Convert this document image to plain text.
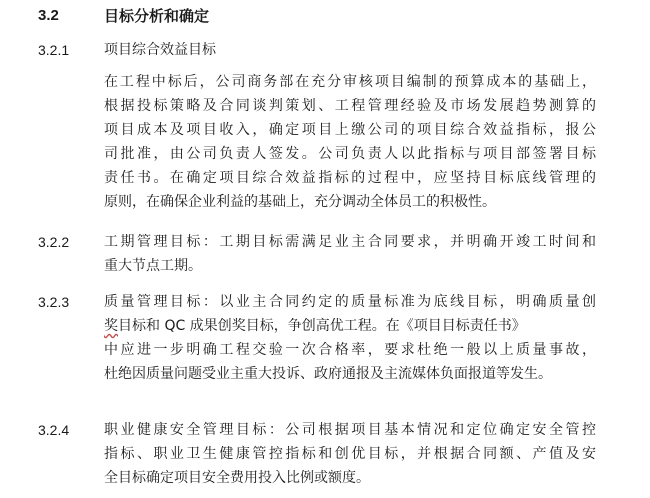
3.2	目标分析和确定
3.2.1 项目综合效益目标
在工程中标后，公司商务部在充分审核项目编制的预算成本的基础上，
根据投标策略及合同谈判策划、工程管理经验及市场发展趋势测算的
项目成本及项目收入，确定项目上缴公司的项目综合效益指标，报公
司批准，由公司负责人签发。公司负责人以此指标与项目部签署目标
责任书。在确定项目综合效益指标的过程中，应坚持目标底线管理的
原则，在确保企业利益的基础上，充分调动全体员工的积极性。
3.2.2 工期管理目标：工期目标需满足业主合同要求，并明确开竣工时间和
重大节点工期。
3.2.3 质量管理目标：以业主合同约定的质量标准为底线目标，明确质量创
奖目标和 QC 成果创奖目标，争创高优工程。在《项目目标责任书》
中应进一步明确工程交验一次合格率，要求杜绝一般以上质量事故，
杜绝因质量问题受业主重大投诉、政府通报及主流媒体负面报道等发生。
3.2.4 职业健康安全管理目标：公司根据项目基本情况和定位确定安全管控
指标、职业卫生健康管控指标和创优目标，并根据合同额、产值及安
全目标确定项目安全费用投入比例或额度。
